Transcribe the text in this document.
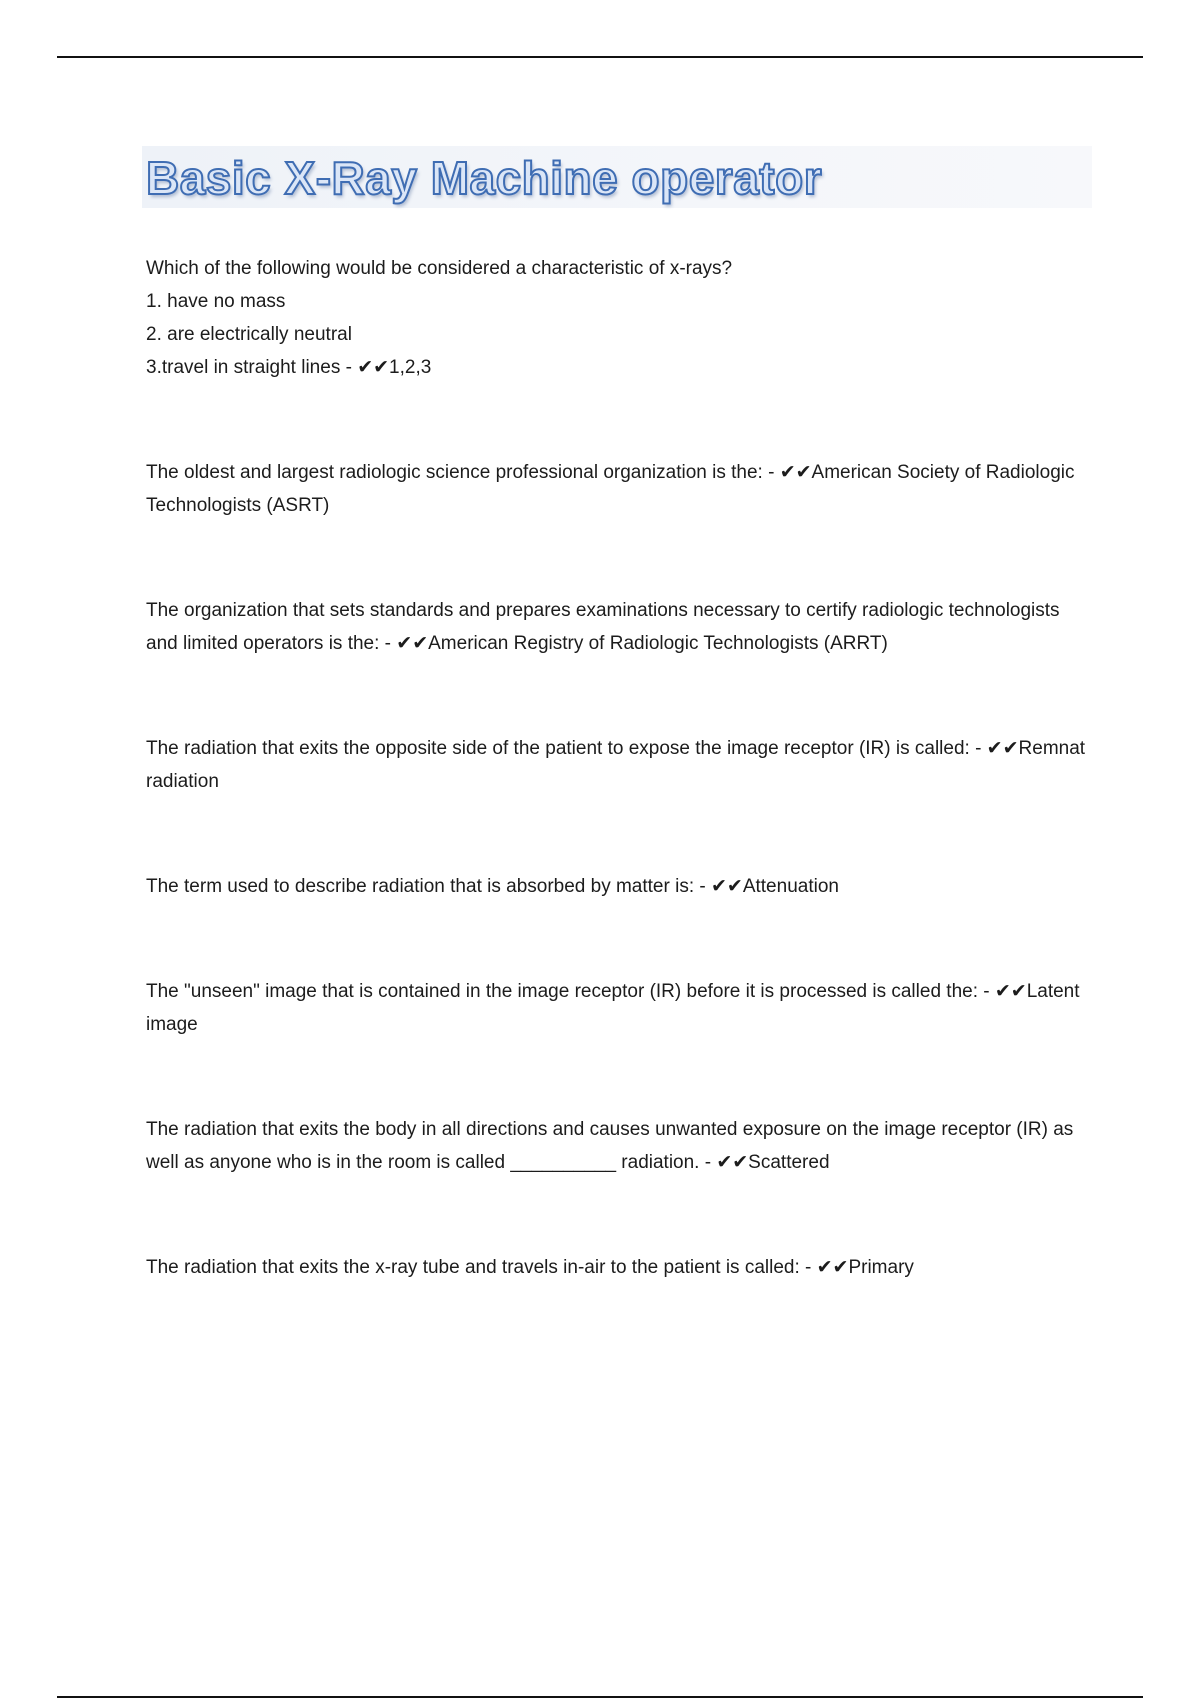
Basic X-Ray Machine operator

Which of the following would be considered a characteristic of x-rays?

1. have no mass

2. are electrically neutral

3.travel in straight lines - ✔✔1,2,3

The oldest and largest radiologic science professional organization is the: - ✔✔American Society of Radiologic Technologists (ASRT)

The organization that sets standards and prepares examinations necessary to certify radiologic technologists and limited operators is the: - ✔✔American Registry of Radiologic Technologists (ARRT)

The radiation that exits the opposite side of the patient to expose the image receptor (IR) is called: - ✔✔Remnat radiation

The term used to describe radiation that is absorbed by matter is: - ✔✔Attenuation

The "unseen" image that is contained in the image receptor (IR) before it is processed is called the: - ✔✔Latent image

The radiation that exits the body in all directions and causes unwanted exposure on the image receptor (IR) as well as anyone who is in the room is called __________ radiation. - ✔✔Scattered

The radiation that exits the x-ray tube and travels in-air to the patient is called: - ✔✔Primary
